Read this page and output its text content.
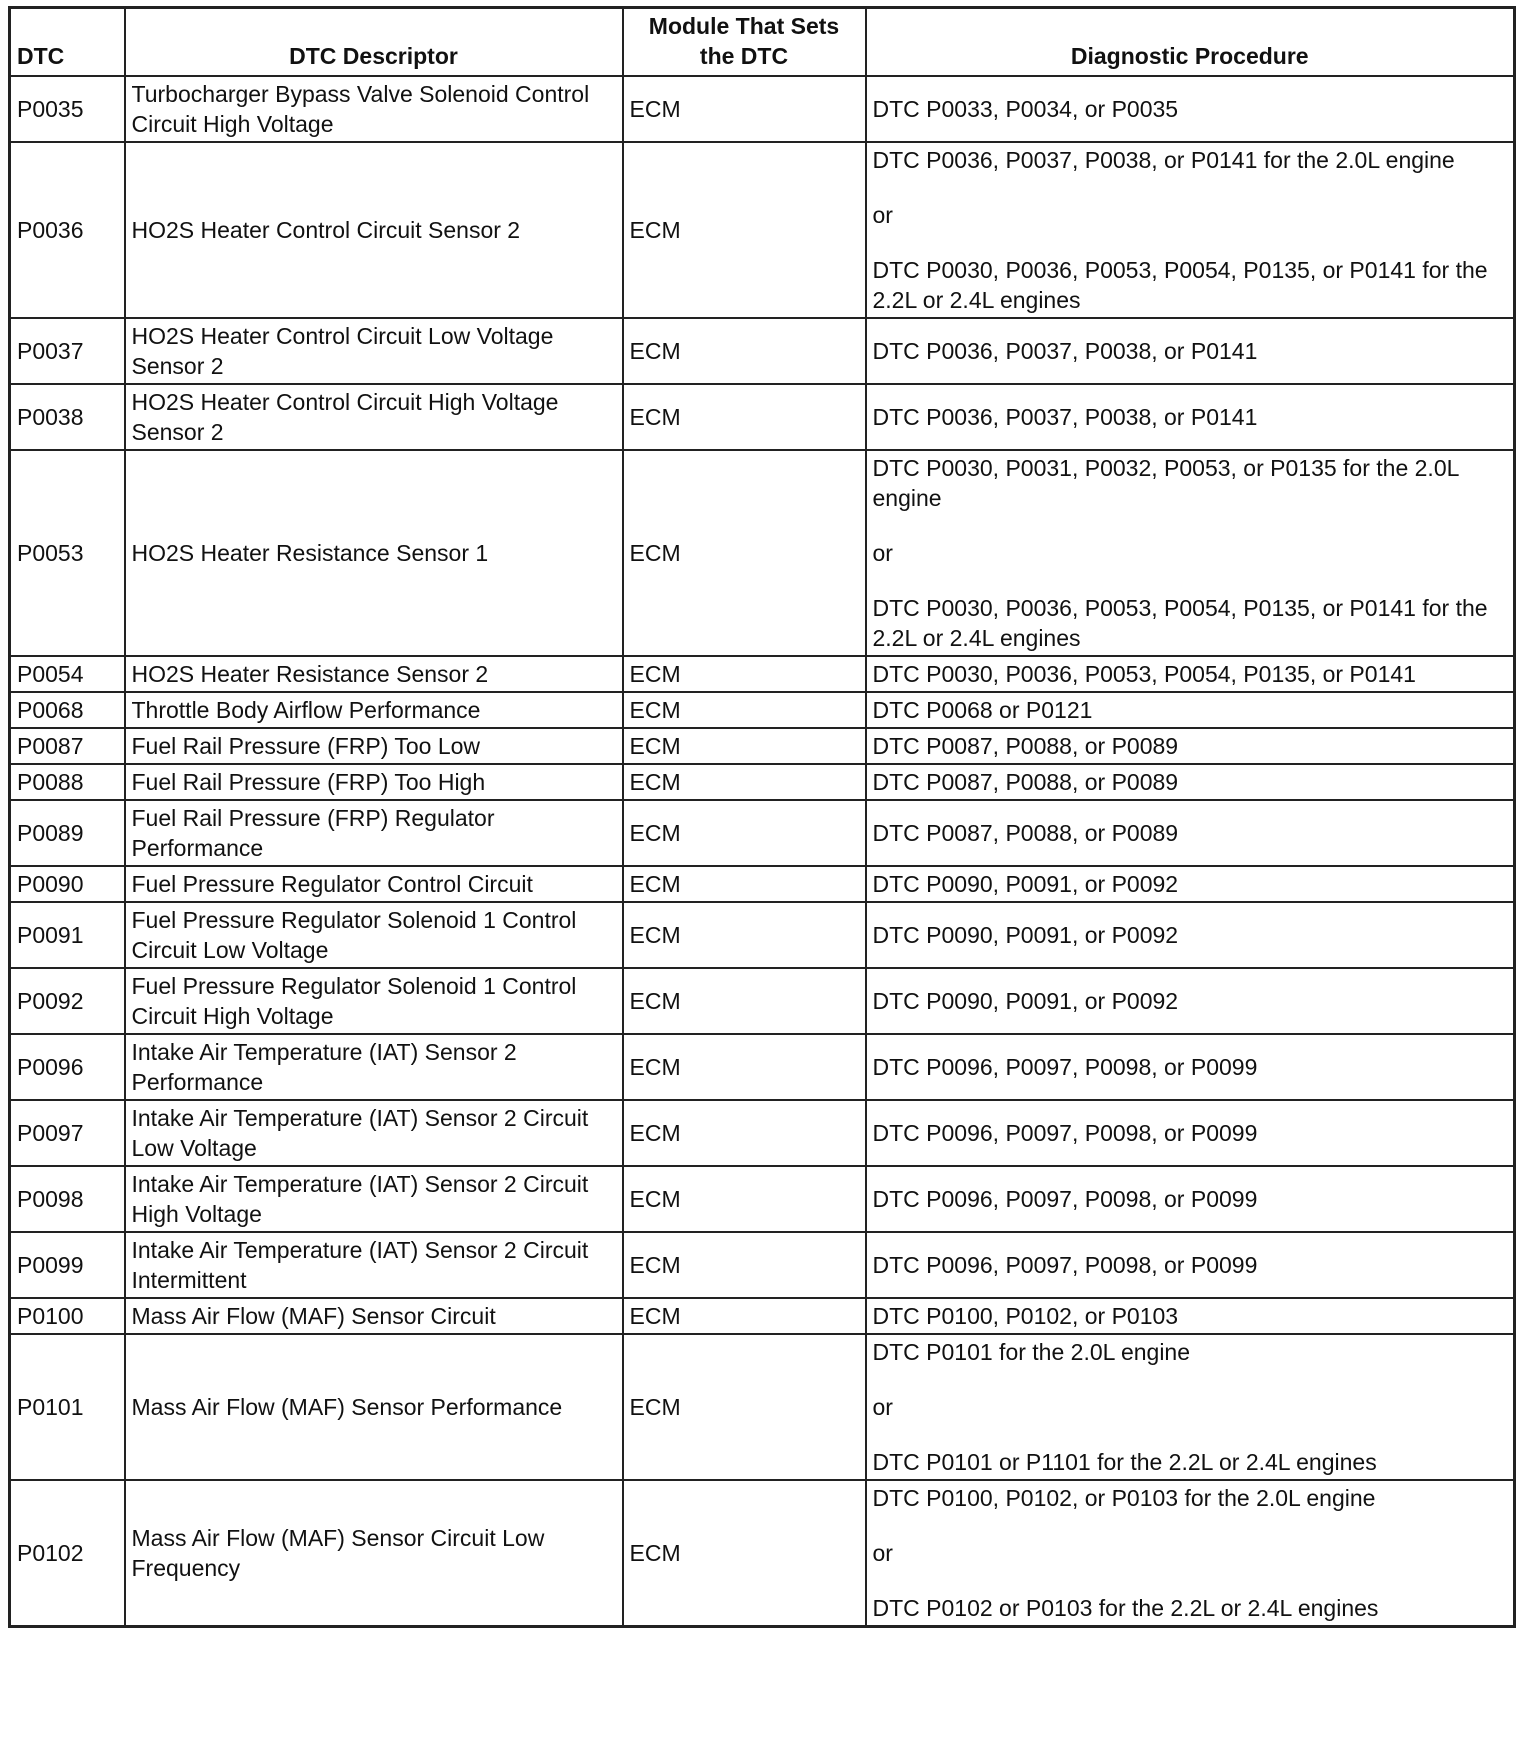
DTC	DTC Descriptor	Module That Sets the DTC	Diagnostic Procedure
P0035	Turbocharger Bypass Valve Solenoid Control Circuit High Voltage	ECM	DTC P0033, P0034, or P0035

P0036	HO2S Heater Control Circuit Sensor 2	ECM	DTC P0036, P0037, P0038, or P0141 for the 2.0L engine
or
DTC P0030, P0036, P0053, P0054, P0135, or P0141 for the 2.2L or 2.4L engines

P0037	HO2S Heater Control Circuit Low Voltage Sensor 2	ECM	DTC P0036, P0037, P0038, or P0141

P0038	HO2S Heater Control Circuit High Voltage Sensor 2	ECM	DTC P0036, P0037, P0038, or P0141

P0053	HO2S Heater Resistance Sensor 1	ECM	DTC P0030, P0031, P0032, P0053, or P0135 for the 2.0L engine
or
DTC P0030, P0036, P0053, P0054, P0135, or P0141 for the 2.2L or 2.4L engines

P0054	HO2S Heater Resistance Sensor 2	ECM	DTC P0030, P0036, P0053, P0054, P0135, or P0141

P0068	Throttle Body Airflow Performance	ECM	DTC P0068 or P0121

P0087	Fuel Rail Pressure (FRP) Too Low	ECM	DTC P0087, P0088, or P0089

P0088	Fuel Rail Pressure (FRP) Too High	ECM	DTC P0087, P0088, or P0089

P0089	Fuel Rail Pressure (FRP) Regulator Performance	ECM	DTC P0087, P0088, or P0089

P0090	Fuel Pressure Regulator Control Circuit	ECM	DTC P0090, P0091, or P0092

P0091	Fuel Pressure Regulator Solenoid 1 Control Circuit Low Voltage	ECM	DTC P0090, P0091, or P0092

P0092	Fuel Pressure Regulator Solenoid 1 Control Circuit High Voltage	ECM	DTC P0090, P0091, or P0092

P0096	Intake Air Temperature (IAT) Sensor 2 Performance	ECM	DTC P0096, P0097, P0098, or P0099

P0097	Intake Air Temperature (IAT) Sensor 2 Circuit Low Voltage	ECM	DTC P0096, P0097, P0098, or P0099

P0098	Intake Air Temperature (IAT) Sensor 2 Circuit High Voltage	ECM	DTC P0096, P0097, P0098, or P0099

P0099	Intake Air Temperature (IAT) Sensor 2 Circuit Intermittent	ECM	DTC P0096, P0097, P0098, or P0099

P0100	Mass Air Flow (MAF) Sensor Circuit	ECM	DTC P0100, P0102, or P0103

P0101	Mass Air Flow (MAF) Sensor Performance	ECM	DTC P0101 for the 2.0L engine
or
DTC P0101 or P1101 for the 2.2L or 2.4L engines

P0102	Mass Air Flow (MAF) Sensor Circuit Low Frequency	ECM	DTC P0100, P0102, or P0103 for the 2.0L engine
or
DTC P0102 or P0103 for the 2.2L or 2.4L engines
